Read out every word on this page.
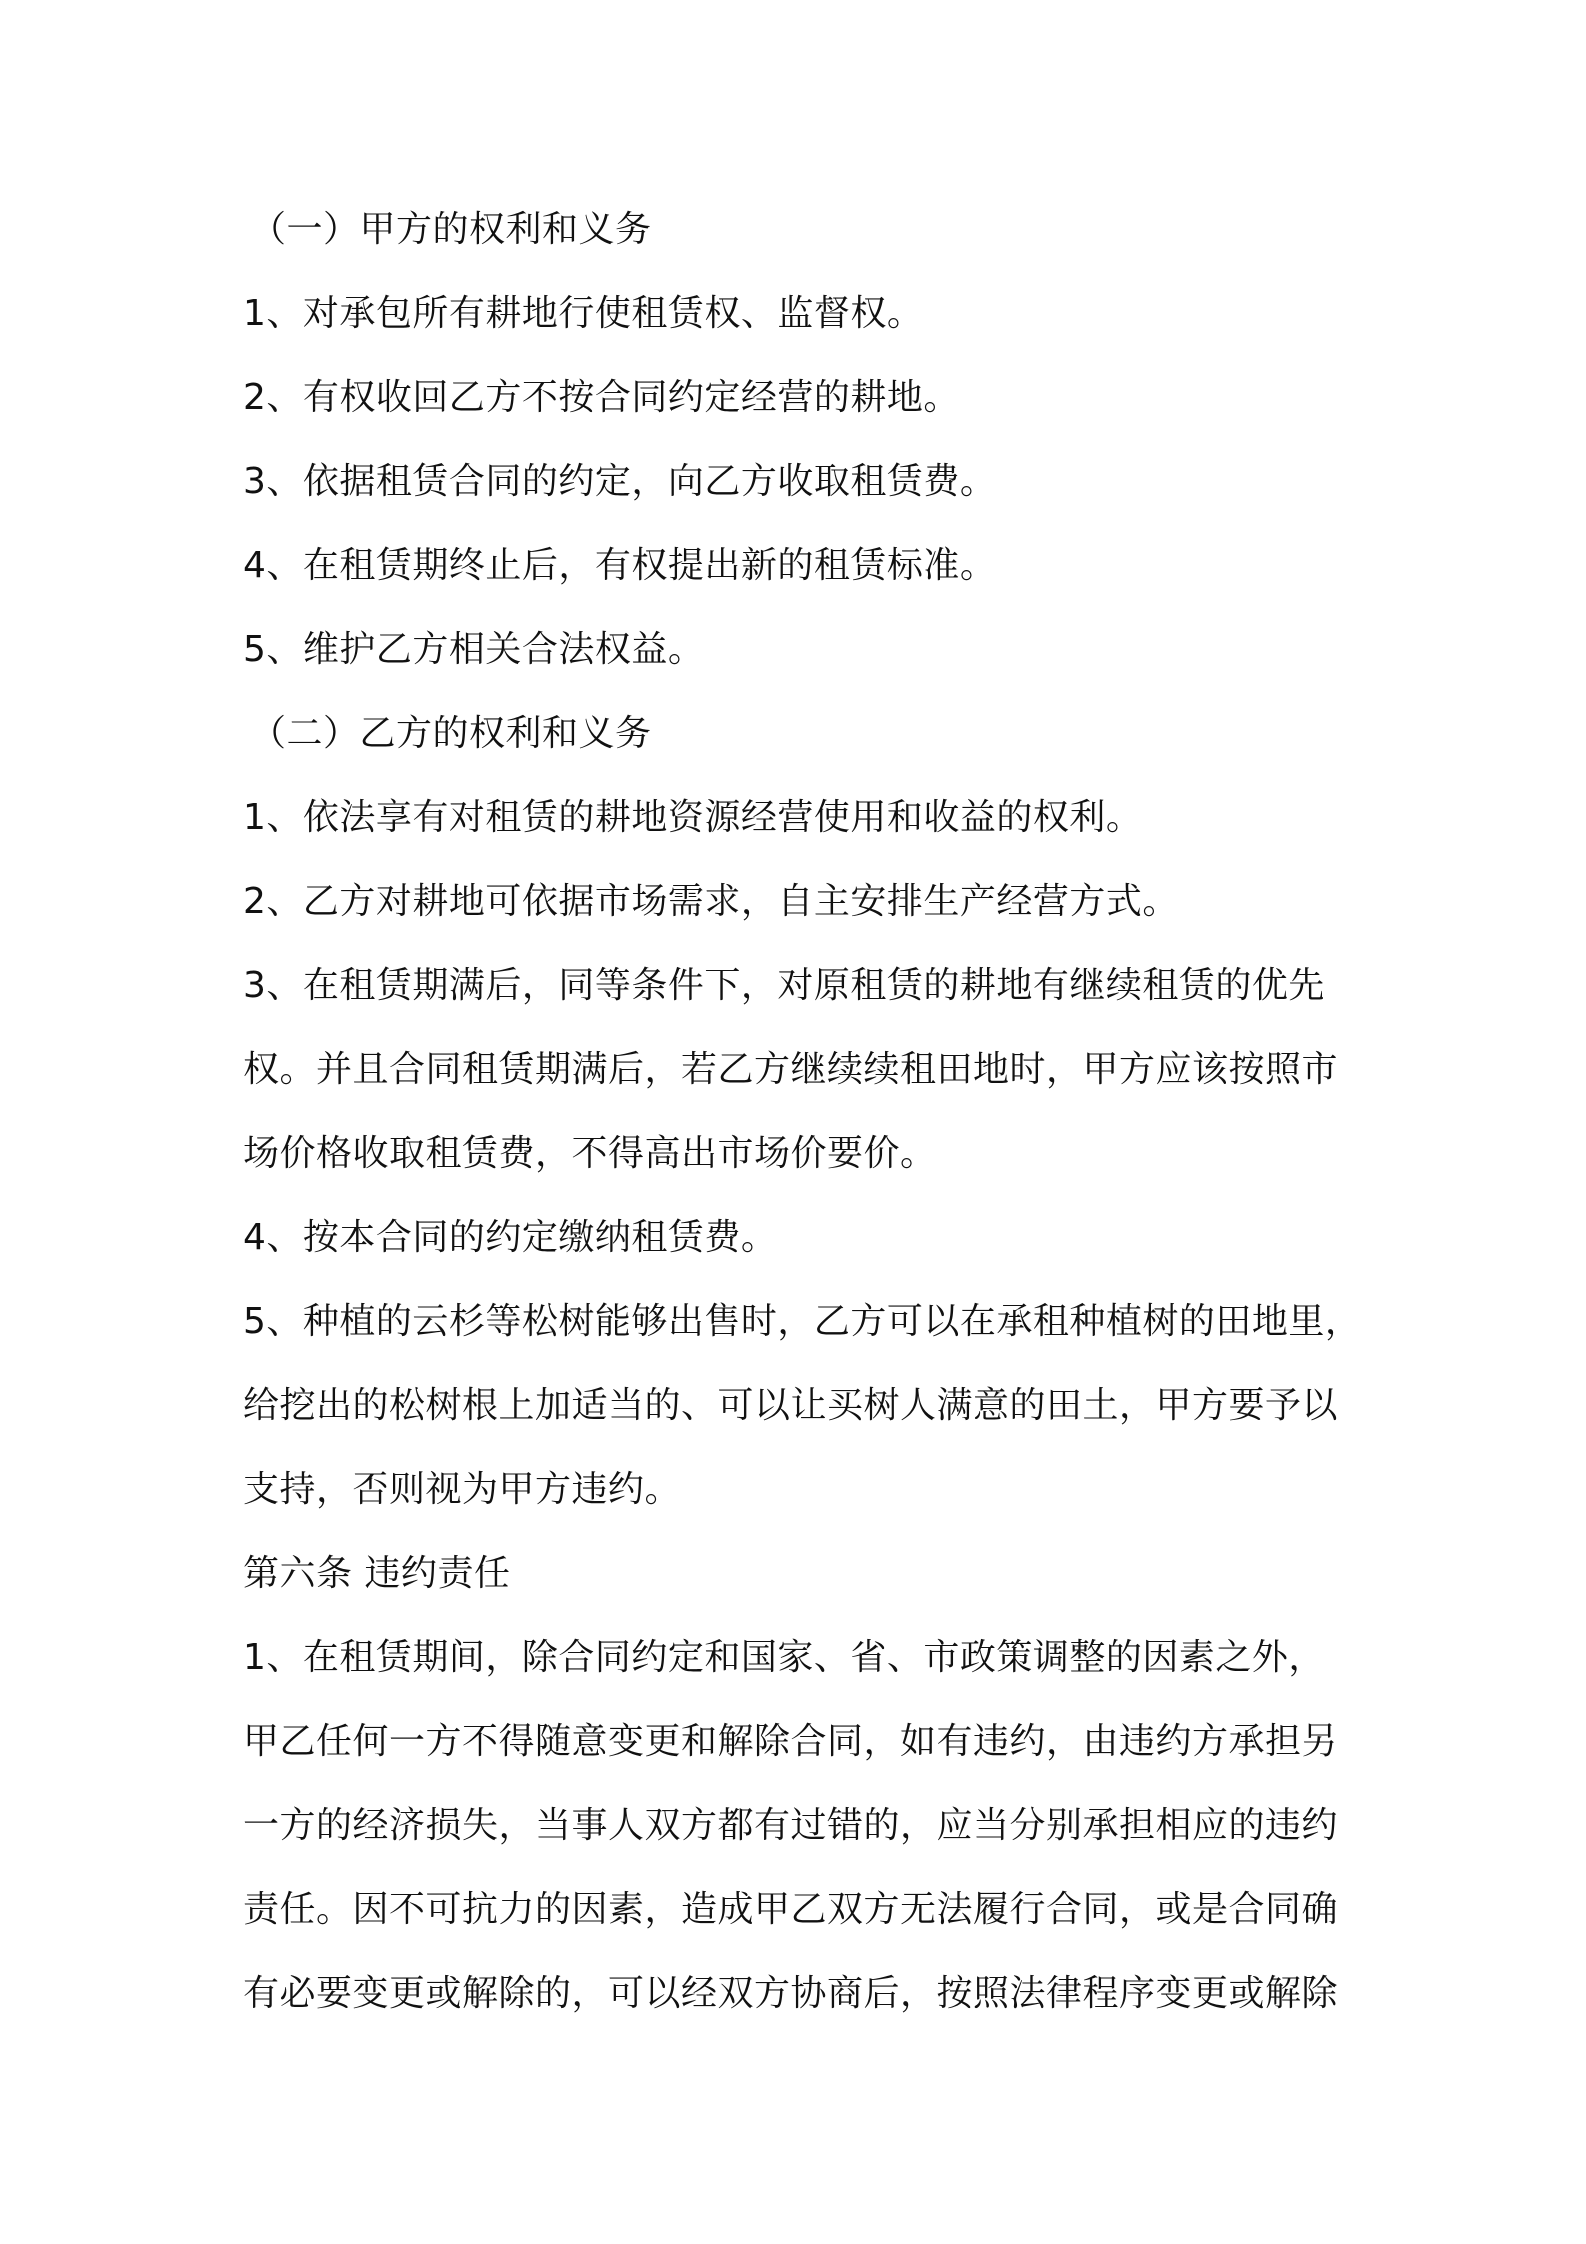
（一）甲方的权利和义务
1、对承包所有耕地行使租赁权、监督权。
2、有权收回乙方不按合同约定经营的耕地。
3、依据租赁合同的约定，向乙方收取租赁费。
4、在租赁期终止后，有权提出新的租赁标准。
5、维护乙方相关合法权益。
（二）乙方的权利和义务
1、依法享有对租赁的耕地资源经营使用和收益的权利。
2、乙方对耕地可依据市场需求，自主安排生产经营方式。
3、在租赁期满后，同等条件下，对原租赁的耕地有继续租赁的优先
权。并且合同租赁期满后，若乙方继续续租田地时，甲方应该按照市
场价格收取租赁费，不得高出市场价要价。
4、按本合同的约定缴纳租赁费。
5、种植的云杉等松树能够出售时，乙方可以在承租种植树的田地里，
给挖出的松树根上加适当的、可以让买树人满意的田土，甲方要予以
支持，否则视为甲方违约。
第六条 违约责任
1、在租赁期间，除合同约定和国家、省、市政策调整的因素之外，
甲乙任何一方不得随意变更和解除合同，如有违约，由违约方承担另
一方的经济损失，当事人双方都有过错的，应当分别承担相应的违约
责任。因不可抗力的因素，造成甲乙双方无法履行合同，或是合同确
有必要变更或解除的，可以经双方协商后，按照法律程序变更或解除
